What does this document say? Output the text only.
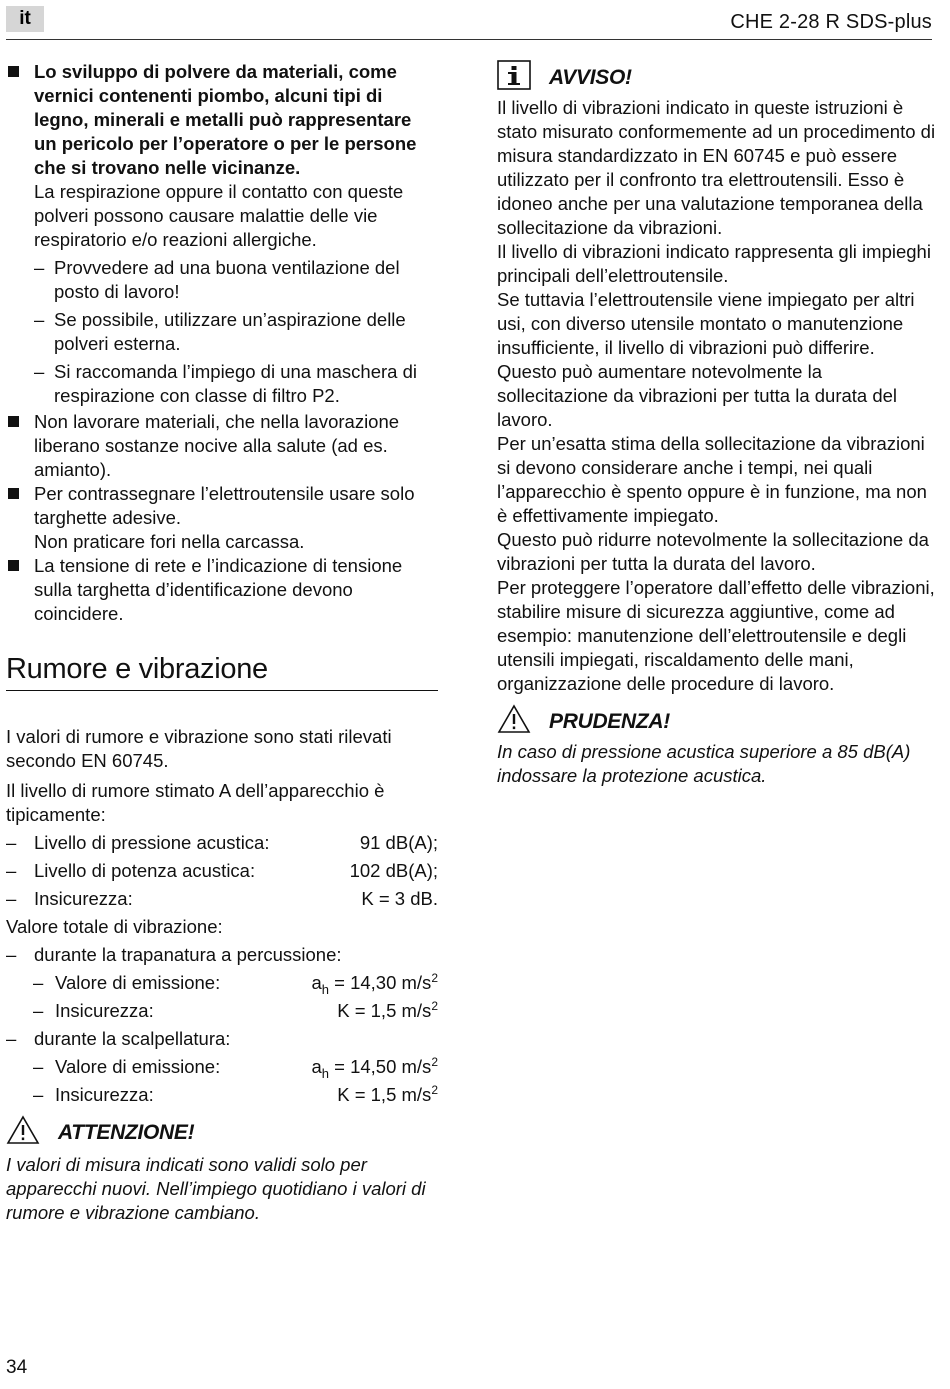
it	CHE 2-28 R SDS-plus
Lo sviluppo di polvere da materiali, come vernici contenenti piombo, alcuni tipi di legno, minerali e metalli può rappresentare un pericolo per l’operatore o per le persone che si trovano nelle vicinanze.
La respirazione oppure il contatto con queste polveri possono causare malattie delle vie respiratorio e/o reazioni allergiche.
– Provvedere ad una buona ventilazione del posto di lavoro!
– Se possibile, utilizzare un’aspirazione delle polveri esterna.
– Si raccomanda l’impiego di una maschera di respirazione con classe di filtro P2.
Non lavorare materiali, che nella lavorazione liberano sostanze nocive alla salute (ad es. amianto).
Per contrassegnare l’elettroutensile usare solo targhette adesive.
Non praticare fori nella carcassa.
La tensione di rete e l’indicazione di tensione sulla targhetta d’identificazione devono coincidere.
Rumore e vibrazione
I valori di rumore e vibrazione sono stati rilevati secondo EN 60745.
Il livello di rumore stimato A dell’apparecchio è tipicamente:
– Livello di pressione acustica:	91 dB(A);
– Livello di potenza acustica:	102 dB(A);
– Insicurezza:	K = 3 dB.
Valore totale di vibrazione:
– durante la trapanatura a percussione:
– Valore di emissione:	$a_h = 14,30$ $m/s^2$
– Insicurezza:	K = 1,5 $m/s^2$
– durante la scalpellatura:
– Valore di emissione:	$a_h = 14,50$ $m/s^2$
– Insicurezza:	K = 1,5 $m/s^2$
ATTENZIONE!
I valori di misura indicati sono validi solo per apparecchi nuovi. Nell’impiego quotidiano i valori di rumore e vibrazione cambiano.
AVVISO!
Il livello di vibrazioni indicato in queste istruzioni è stato misurato conformemente ad un procedimento di misura standardizzato in EN 60745 e può essere utilizzato per il confronto tra elettroutensili. Esso è idoneo anche per una valutazione temporanea della sollecitazione da vibrazioni.
Il livello di vibrazioni indicato rappresenta gli impieghi principali dell’elettroutensile.
Se tuttavia l’elettroutensile viene impiegato per altri usi, con diverso utensile montato o manutenzione insufficiente, il livello di vibrazioni può differire. Questo può aumentare notevolmente la sollecitazione da vibrazioni per tutta la durata del lavoro.
Per un’esatta stima della sollecitazione da vibrazioni si devono considerare anche i tempi, nei quali l’apparecchio è spento oppure è in funzione, ma non è effettivamente impiegato.
Questo può ridurre notevolmente la sollecitazione da vibrazioni per tutta la durata del lavoro.
Per proteggere l’operatore dall’effetto delle vibrazioni, stabilire misure di sicurezza aggiuntive, come ad esempio: manutenzione dell’elettroutensile e degli utensili impiegati, riscaldamento delle mani, organizzazione delle procedure di lavoro.
PRUDENZA!
In caso di pressione acustica superiore a 85 dB(A) indossare la protezione acustica.
34
